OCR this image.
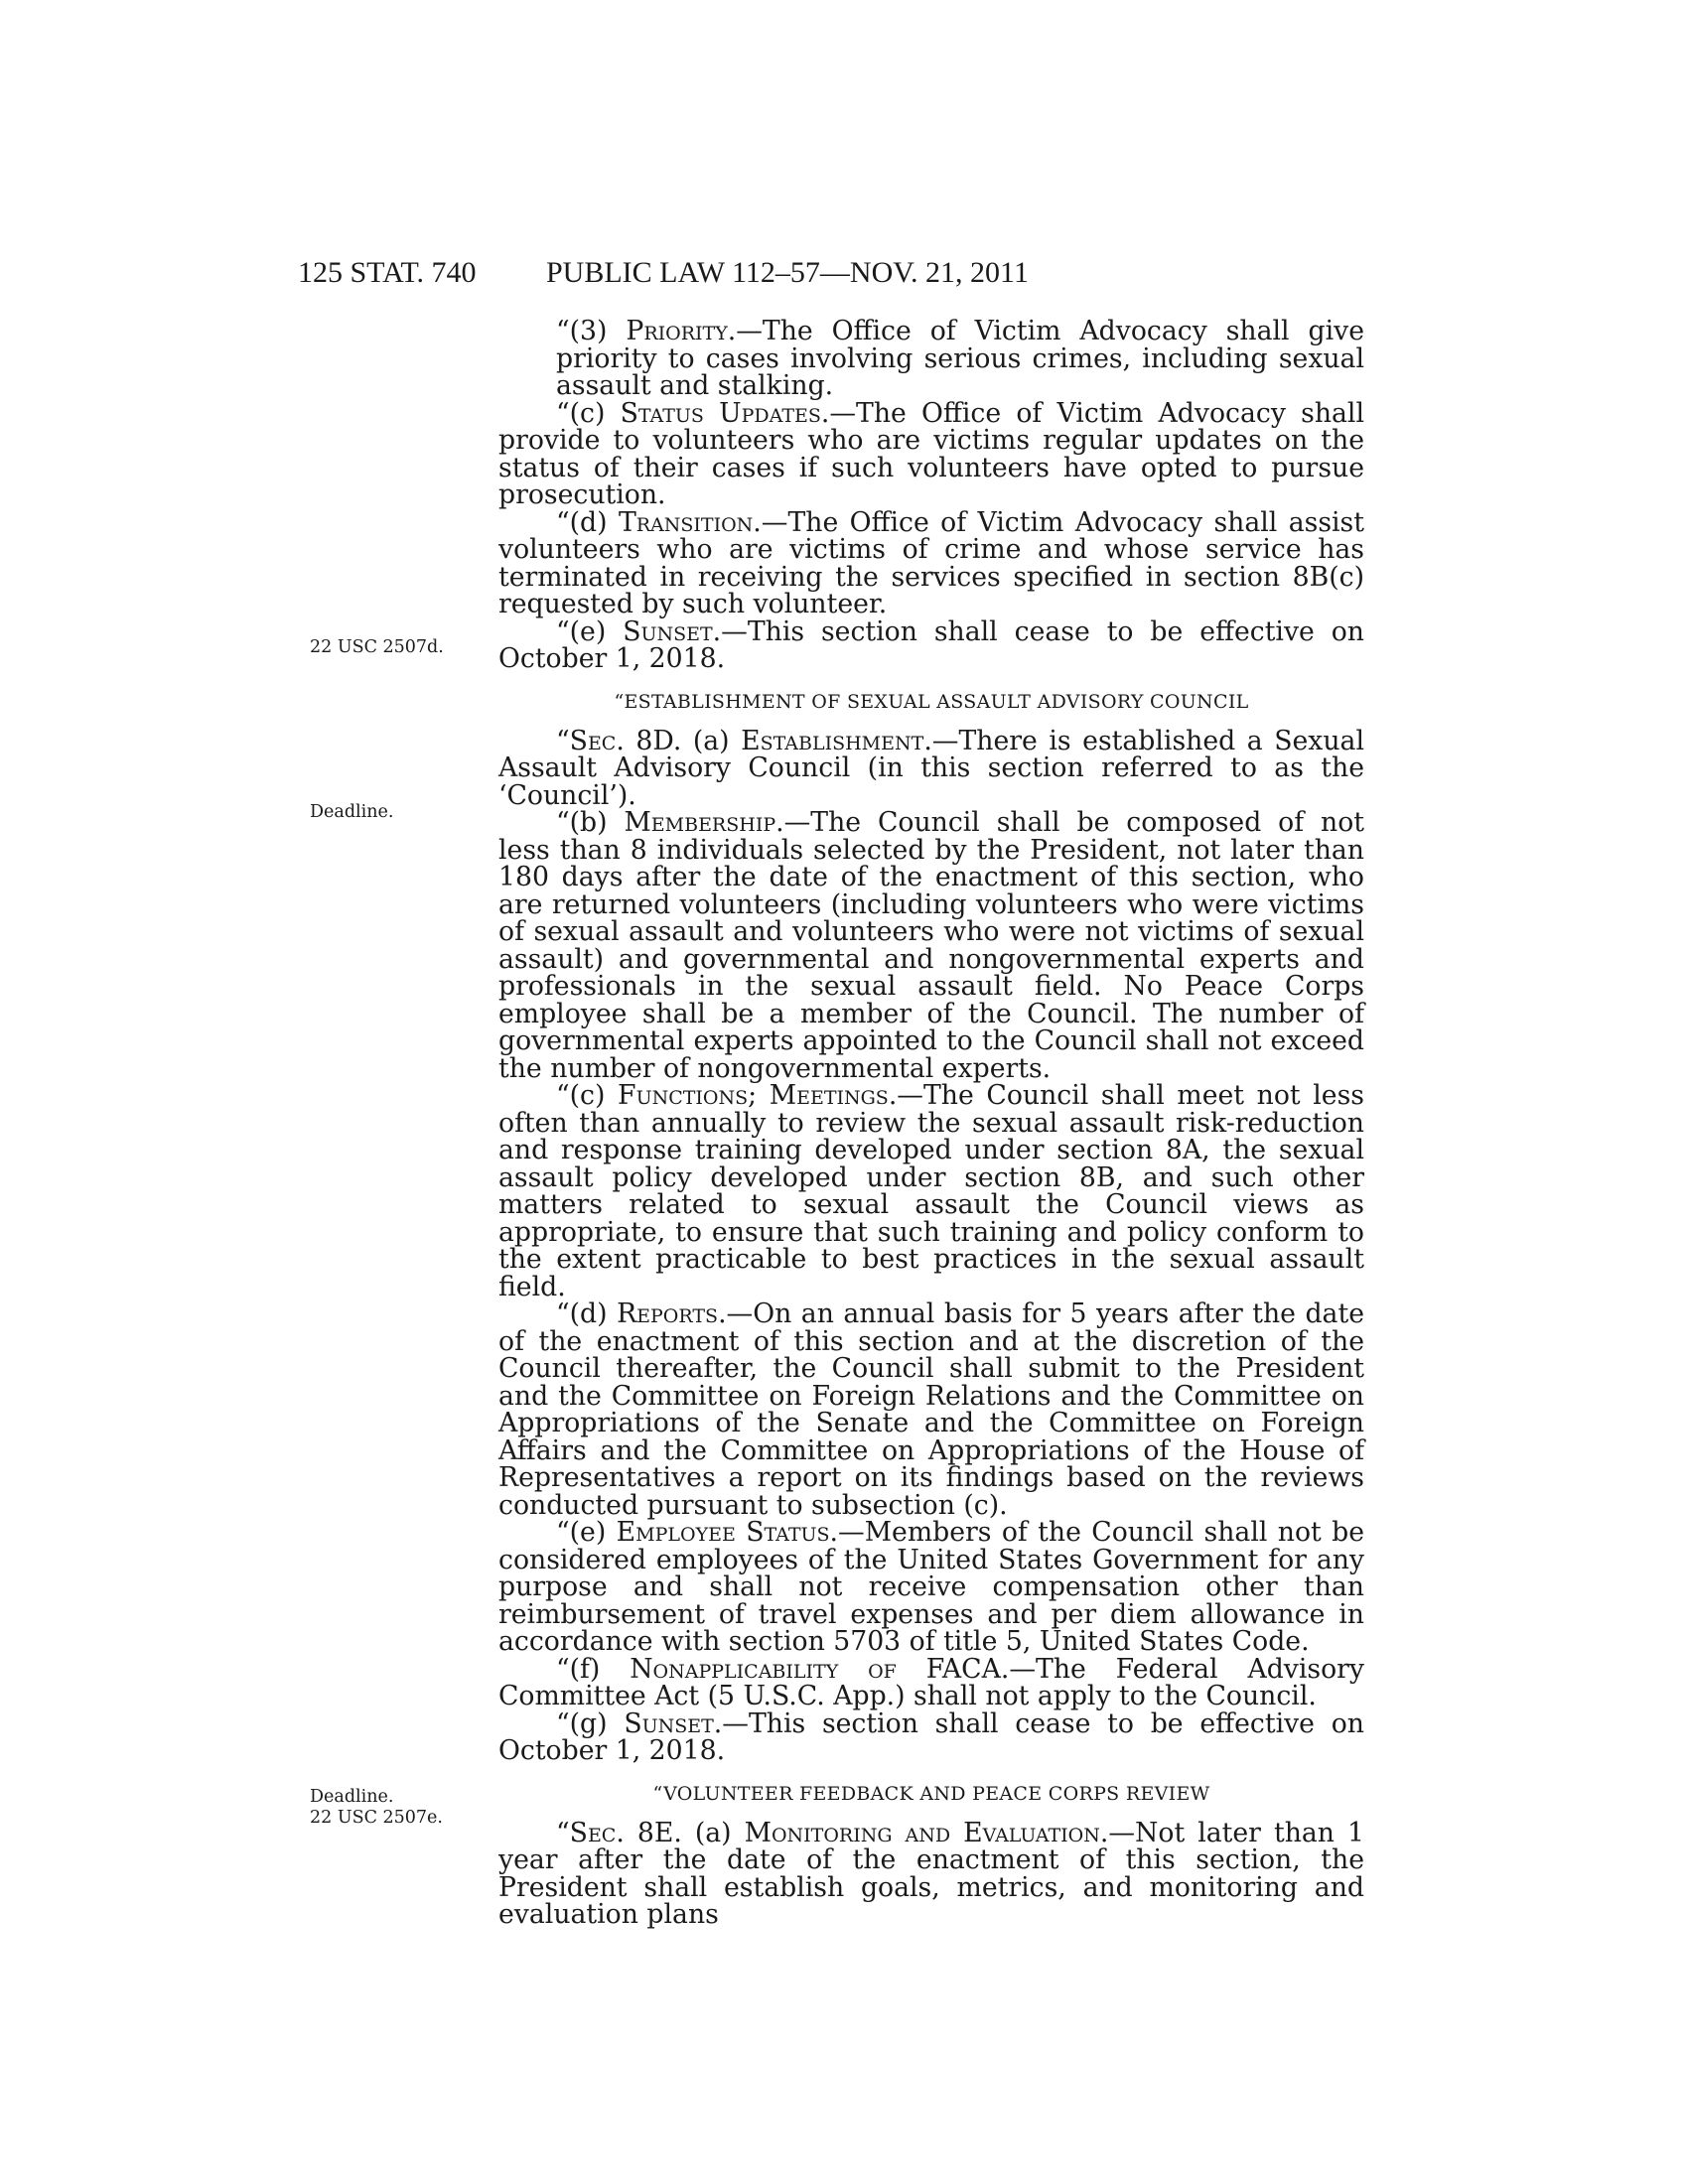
125 STAT. 740 PUBLIC LAW 112–57—NOV. 21, 2011
22 USC 2507d.
Deadline.
Deadline.
22 USC 2507e.

“(3) Priority.—The Office of Victim Advocacy shall give priority to cases involving serious crimes, including sexual assault and stalking.

“(c) Status Updates.—The Office of Victim Advocacy shall provide to volunteers who are victims regular updates on the status of their cases if such volunteers have opted to pursue prosecution.

“(d) Transition.—The Office of Victim Advocacy shall assist volunteers who are victims of crime and whose service has terminated in receiving the services specified in section 8B(c) requested by such volunteer.

“(e) Sunset.—This section shall cease to be effective on October 1, 2018.

“ESTABLISHMENT OF SEXUAL ASSAULT ADVISORY COUNCIL

“Sec. 8D. (a) Establishment.—There is established a Sexual Assault Advisory Council (in this section referred to as the ‘Council’).

“(b) Membership.—The Council shall be composed of not less than 8 individuals selected by the President, not later than 180 days after the date of the enactment of this section, who are returned volunteers (including volunteers who were victims of sexual assault and volunteers who were not victims of sexual assault) and governmental and nongovernmental experts and professionals in the sexual assault field. No Peace Corps employee shall be a member of the Council. The number of governmental experts appointed to the Council shall not exceed the number of nongovernmental experts.

“(c) Functions; Meetings.—The Council shall meet not less often than annually to review the sexual assault risk-reduction and response training developed under section 8A, the sexual assault policy developed under section 8B, and such other matters related to sexual assault the Council views as appropriate, to ensure that such training and policy conform to the extent practicable to best practices in the sexual assault field.

“(d) Reports.—On an annual basis for 5 years after the date of the enactment of this section and at the discretion of the Council thereafter, the Council shall submit to the President and the Committee on Foreign Relations and the Committee on Appropriations of the Senate and the Committee on Foreign Affairs and the Committee on Appropriations of the House of Representatives a report on its findings based on the reviews conducted pursuant to subsection (c).

“(e) Employee Status.—Members of the Council shall not be considered employees of the United States Government for any purpose and shall not receive compensation other than reimbursement of travel expenses and per diem allowance in accordance with section 5703 of title 5, United States Code.

“(f) Nonapplicability of FACA.—The Federal Advisory Committee Act (5 U.S.C. App.) shall not apply to the Council.

“(g) Sunset.—This section shall cease to be effective on October 1, 2018.

“VOLUNTEER FEEDBACK AND PEACE CORPS REVIEW

“Sec. 8E. (a) Monitoring and Evaluation.—Not later than 1 year after the date of the enactment of this section, the President shall establish goals, metrics, and monitoring and evaluation plans
